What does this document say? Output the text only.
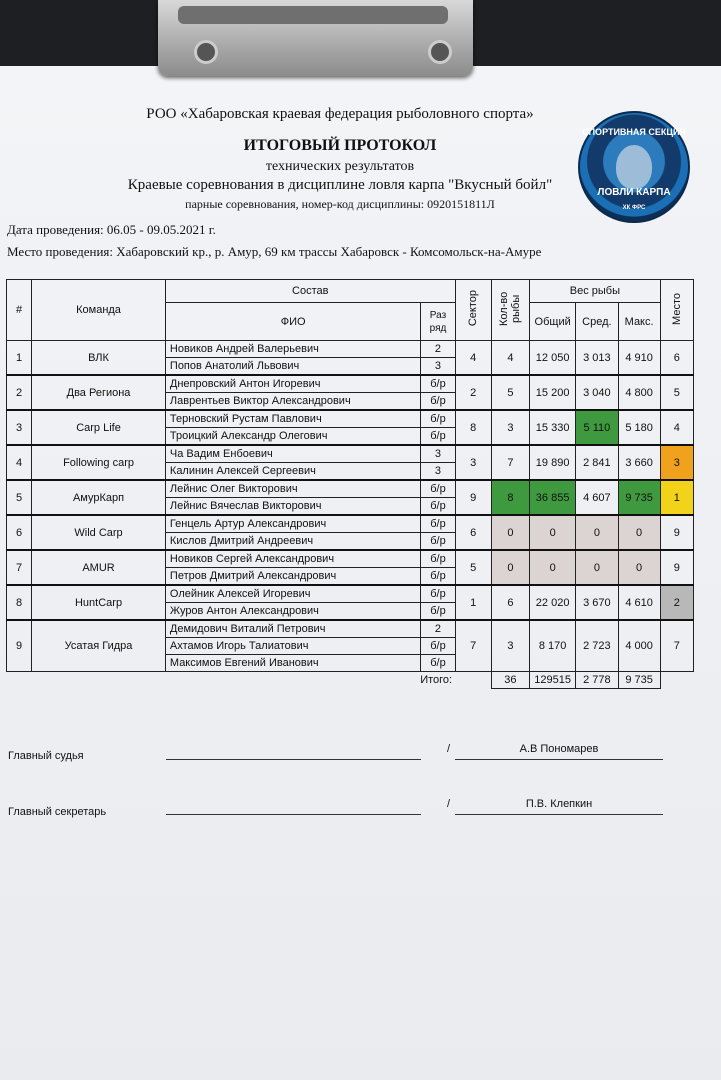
РОО «Хабаровская краевая федерация рыболовного спорта»
ИТОГОВЫЙ ПРОТОКОЛ
технических результатов
Краевые соревнования в дисциплине ловля карпа "Вкусный бойл"
парные соревнования, номер-код дисциплины: 0920151811Л
СПОРТИВНАЯ СЕКЦИЯ
ЛОВЛИ КАРПА
ХК ФРС
Дата проведения: 06.05 - 09.05.2021 г.
Место проведения: Хабаровский кр., р. Амур, 69 км трассы Хабаровск - Комсомольск-на-Амуре
#	Команда	Состав		Сектор	Кол-во рыбы	Вес рыбы			Место
		ФИО	Раз ряд			Общий	Сред.	Макс.	
1	ВЛК	Новиков Андрей Валерьевич	2	4	4	12 050	3 013	4 910	6
		Попов Анатолий Львович	3						
2	Два Региона	Днепровский Антон Игоревич	б/р	2	5	15 200	3 040	4 800	5
		Лаврентьев Виктор Александрович	б/р						
3	Carp Life	Терновский Рустам Павлович	б/р	8	3	15 330	5 110	5 180	4
		Троицкий Александр Олегович	б/р						
4	Following carp	Ча Вадим Енбоевич	3	3	7	19 890	2 841	3 660	3
		Калинин Алексей Сергеевич	3						
5	АмурКарп	Лейнис Олег Викторович	б/р	9	8	36 855	4 607	9 735	1
		Лейнис Вячеслав Викторович	б/р						
6	Wild Carp	Генцель Артур Александрович	б/р	6	0	0	0	0	9
		Кислов Дмитрий Андреевич	б/р						
7	AMUR	Новиков Сергей Александрович	б/р	5	0	0	0	0	9
		Петров Дмитрий Александрович	б/р						
8	HuntCarp	Олейник Алексей Игоревич	б/р	1	6	22 020	3 670	4 610	2
		Журов Антон Александрович	б/р						
9	Усатая Гидра	Демидович Виталий Петрович	2	7	3	8 170	2 723	4 000	7
		Ахтамов Игорь Талиатович	б/р						
		Максимов Евгений Иванович	б/р						
Итого:					36	129515	2 778	9 735	
Главный судья
/	А.В Пономарев
Главный секретарь
/	П.В. Клепкин
